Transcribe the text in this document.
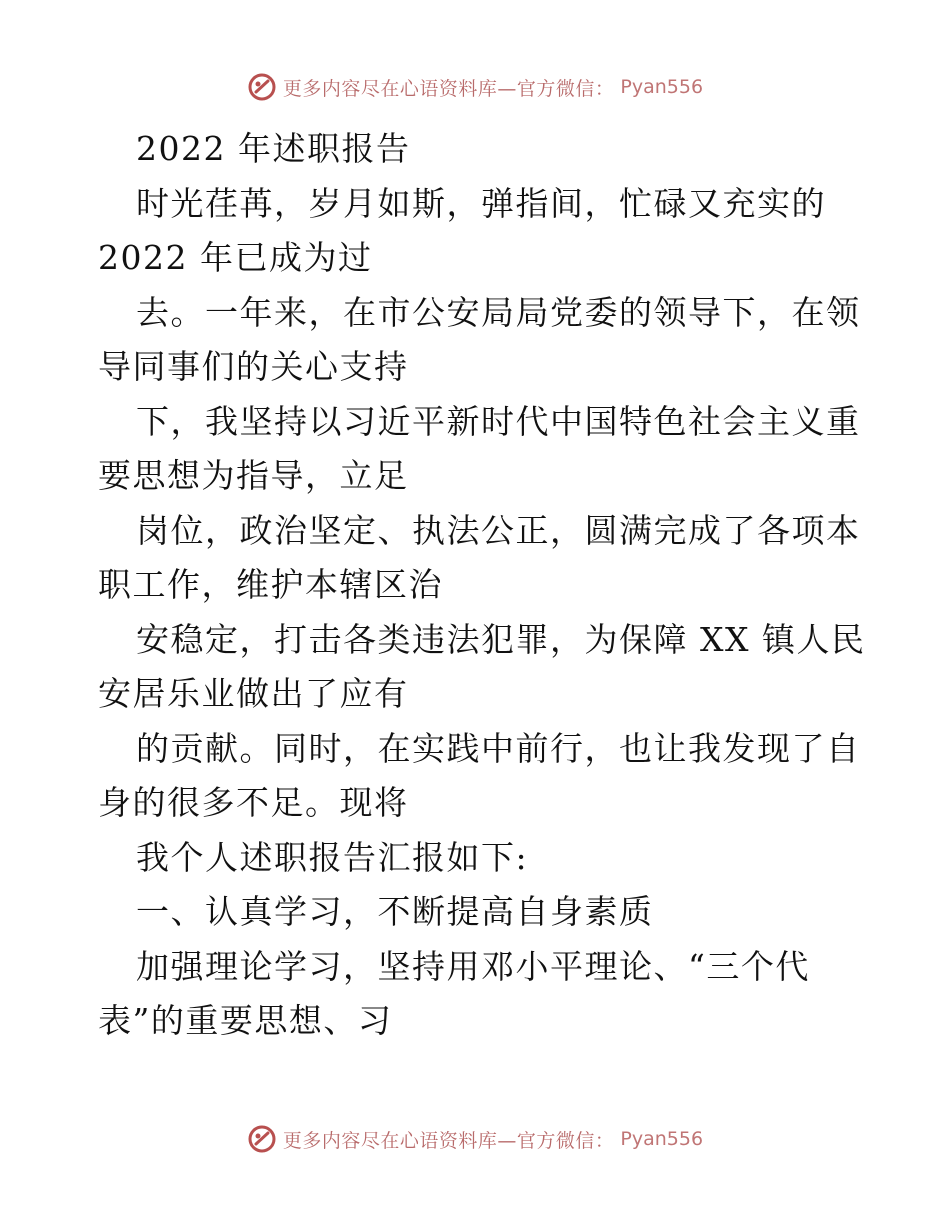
更多内容尽在心语资料库—官方微信： Pyan556
2022 年述职报告
时光荏苒，岁月如斯，弹指间，忙碌又充实的
2022 年已成为过
去。一年来，在市公安局局党委的领导下，在领
导同事们的关心支持
下，我坚持以习近平新时代中国特色社会主义重
要思想为指导，立足
岗位，政治坚定、执法公正，圆满完成了各项本
职工作，维护本辖区治
安稳定，打击各类违法犯罪，为保障 XX 镇人民
安居乐业做出了应有
的贡献。同时，在实践中前行，也让我发现了自
身的很多不足。现将
我个人述职报告汇报如下:
一、认真学习，不断提高自身素质
加强理论学习，坚持用邓小平理论、“三个代
表”的重要思想、习
更多内容尽在心语资料库—官方微信： Pyan556
